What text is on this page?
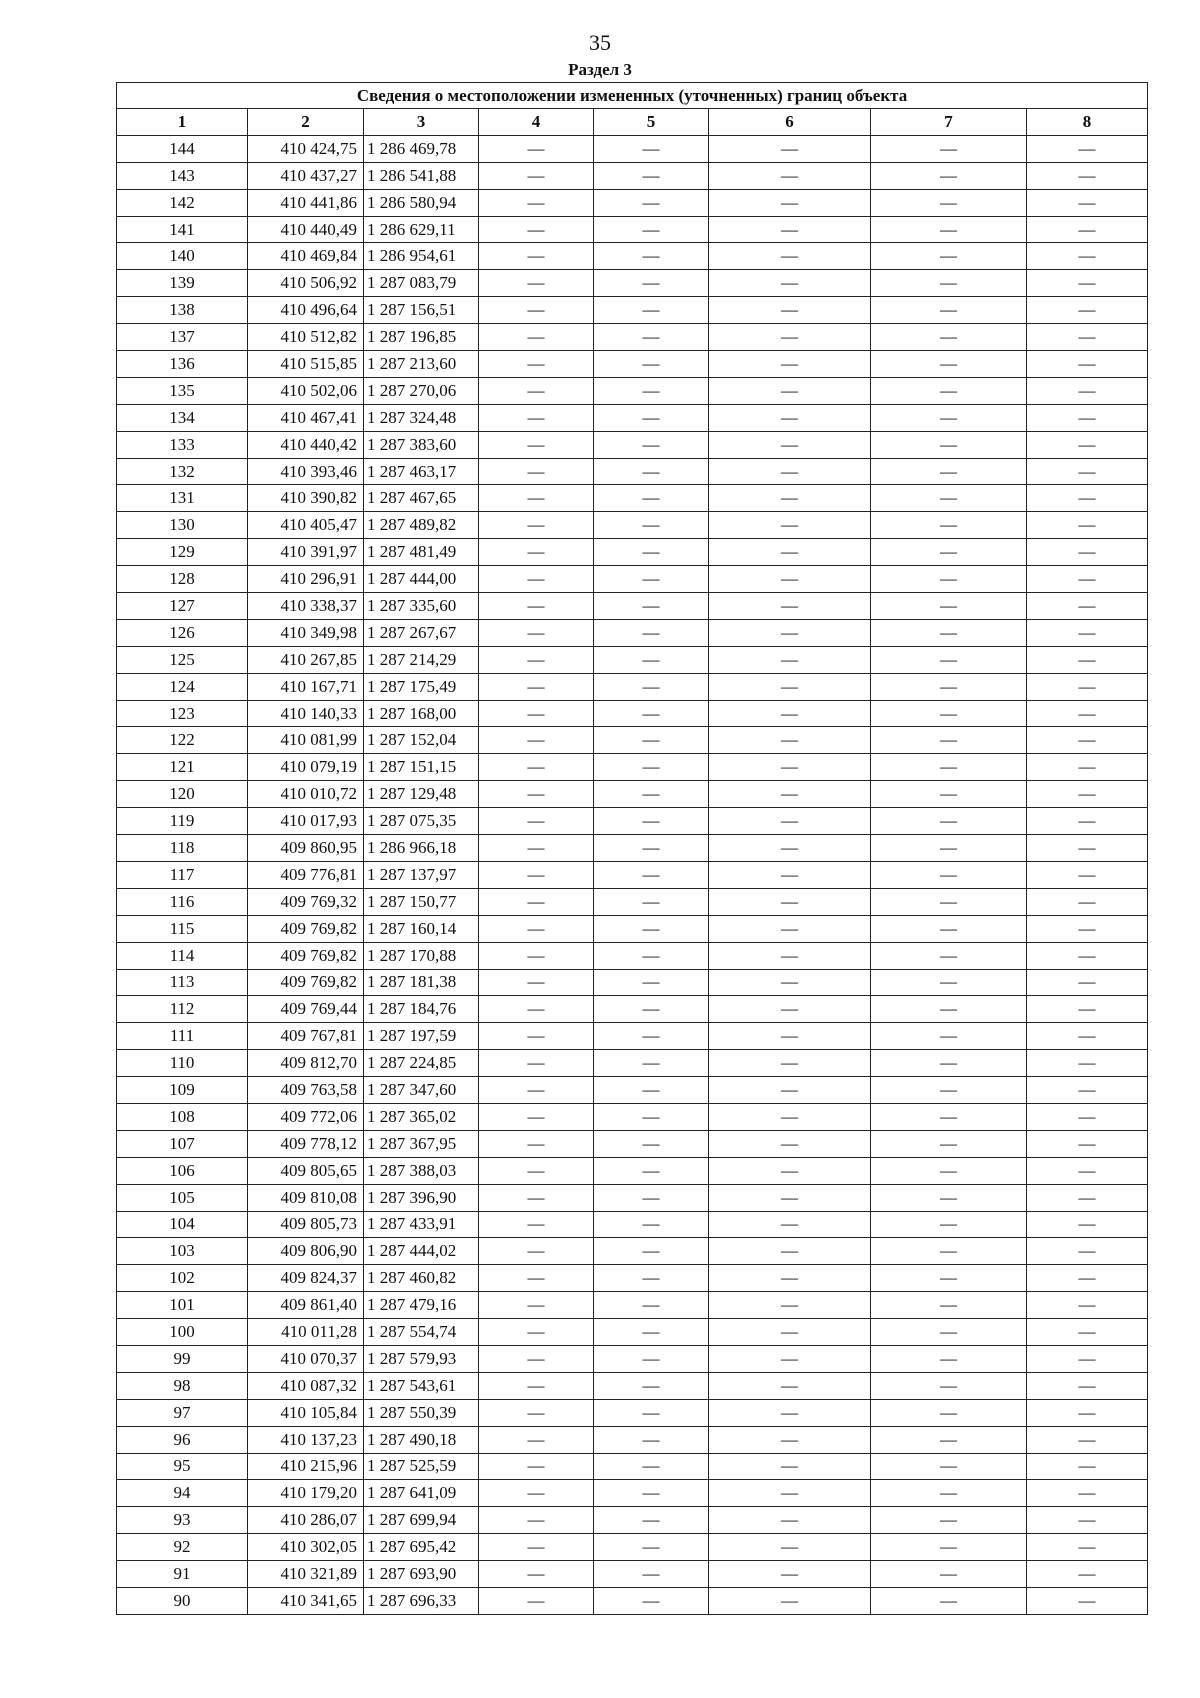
35
Раздел 3
Сведения о местоположении измененных (уточненных) границ объекта							
1	2	3	4	5	6	7	8
144	410 424,75	1 286 469,78	—	—	—	—	—
143	410 437,27	1 286 541,88	—	—	—	—	—
142	410 441,86	1 286 580,94	—	—	—	—	—
141	410 440,49	1 286 629,11	—	—	—	—	—
140	410 469,84	1 286 954,61	—	—	—	—	—
139	410 506,92	1 287 083,79	—	—	—	—	—
138	410 496,64	1 287 156,51	—	—	—	—	—
137	410 512,82	1 287 196,85	—	—	—	—	—
136	410 515,85	1 287 213,60	—	—	—	—	—
135	410 502,06	1 287 270,06	—	—	—	—	—
134	410 467,41	1 287 324,48	—	—	—	—	—
133	410 440,42	1 287 383,60	—	—	—	—	—
132	410 393,46	1 287 463,17	—	—	—	—	—
131	410 390,82	1 287 467,65	—	—	—	—	—
130	410 405,47	1 287 489,82	—	—	—	—	—
129	410 391,97	1 287 481,49	—	—	—	—	—
128	410 296,91	1 287 444,00	—	—	—	—	—
127	410 338,37	1 287 335,60	—	—	—	—	—
126	410 349,98	1 287 267,67	—	—	—	—	—
125	410 267,85	1 287 214,29	—	—	—	—	—
124	410 167,71	1 287 175,49	—	—	—	—	—
123	410 140,33	1 287 168,00	—	—	—	—	—
122	410 081,99	1 287 152,04	—	—	—	—	—
121	410 079,19	1 287 151,15	—	—	—	—	—
120	410 010,72	1 287 129,48	—	—	—	—	—
119	410 017,93	1 287 075,35	—	—	—	—	—
118	409 860,95	1 286 966,18	—	—	—	—	—
117	409 776,81	1 287 137,97	—	—	—	—	—
116	409 769,32	1 287 150,77	—	—	—	—	—
115	409 769,82	1 287 160,14	—	—	—	—	—
114	409 769,82	1 287 170,88	—	—	—	—	—
113	409 769,82	1 287 181,38	—	—	—	—	—
112	409 769,44	1 287 184,76	—	—	—	—	—
111	409 767,81	1 287 197,59	—	—	—	—	—
110	409 812,70	1 287 224,85	—	—	—	—	—
109	409 763,58	1 287 347,60	—	—	—	—	—
108	409 772,06	1 287 365,02	—	—	—	—	—
107	409 778,12	1 287 367,95	—	—	—	—	—
106	409 805,65	1 287 388,03	—	—	—	—	—
105	409 810,08	1 287 396,90	—	—	—	—	—
104	409 805,73	1 287 433,91	—	—	—	—	—
103	409 806,90	1 287 444,02	—	—	—	—	—
102	409 824,37	1 287 460,82	—	—	—	—	—
101	409 861,40	1 287 479,16	—	—	—	—	—
100	410 011,28	1 287 554,74	—	—	—	—	—
99	410 070,37	1 287 579,93	—	—	—	—	—
98	410 087,32	1 287 543,61	—	—	—	—	—
97	410 105,84	1 287 550,39	—	—	—	—	—
96	410 137,23	1 287 490,18	—	—	—	—	—
95	410 215,96	1 287 525,59	—	—	—	—	—
94	410 179,20	1 287 641,09	—	—	—	—	—
93	410 286,07	1 287 699,94	—	—	—	—	—
92	410 302,05	1 287 695,42	—	—	—	—	—
91	410 321,89	1 287 693,90	—	—	—	—	—
90	410 341,65	1 287 696,33	—	—	—	—	—
